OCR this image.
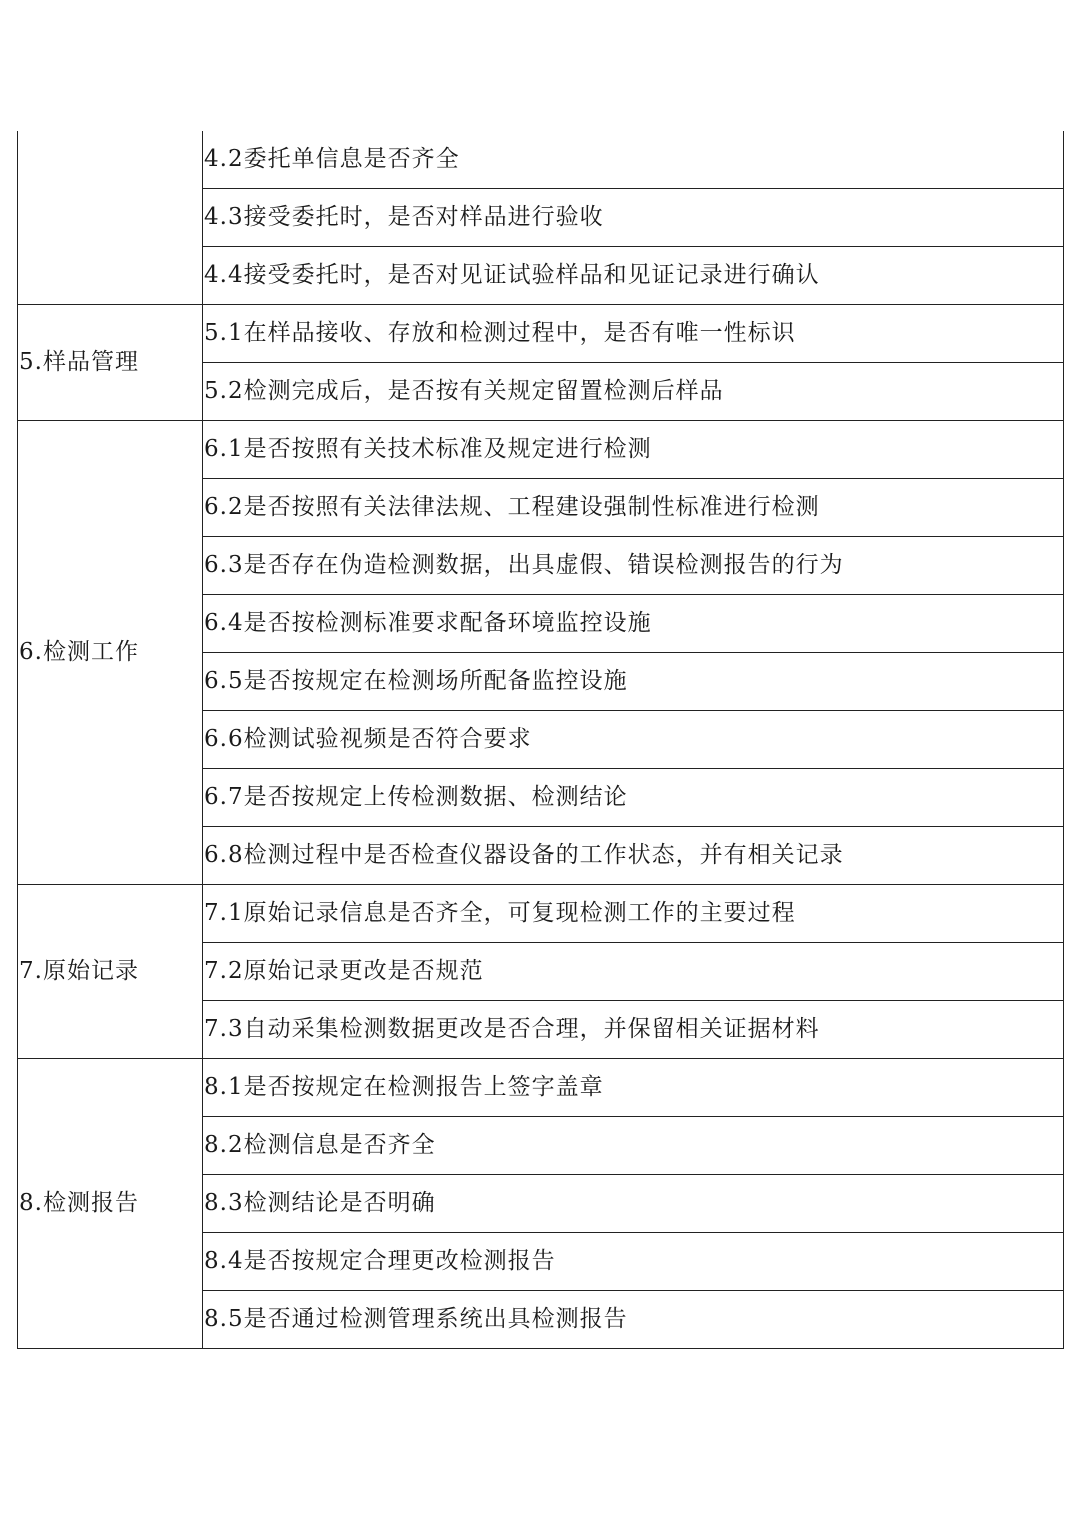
	4.2委托单信息是否齐全
	4.3接受委托时，是否对样品进行验收
	4.4接受委托时，是否对见证试验样品和见证记录进行确认
5.样品管理	5.1在样品接收、存放和检测过程中，是否有唯一性标识
	5.2检测完成后，是否按有关规定留置检测后样品
6.检测工作	6.1是否按照有关技术标准及规定进行检测
	6.2是否按照有关法律法规、工程建设强制性标准进行检测
	6.3是否存在伪造检测数据，出具虚假、错误检测报告的行为
	6.4是否按检测标准要求配备环境监控设施
	6.5是否按规定在检测场所配备监控设施
	6.6检测试验视频是否符合要求
	6.7是否按规定上传检测数据、检测结论
	6.8检测过程中是否检查仪器设备的工作状态，并有相关记录
7.原始记录	7.1原始记录信息是否齐全，可复现检测工作的主要过程
	7.2原始记录更改是否规范
	7.3自动采集检测数据更改是否合理，并保留相关证据材料
8.检测报告	8.1是否按规定在检测报告上签字盖章
	8.2检测信息是否齐全
	8.3检测结论是否明确
	8.4是否按规定合理更改检测报告
	8.5是否通过检测管理系统出具检测报告
